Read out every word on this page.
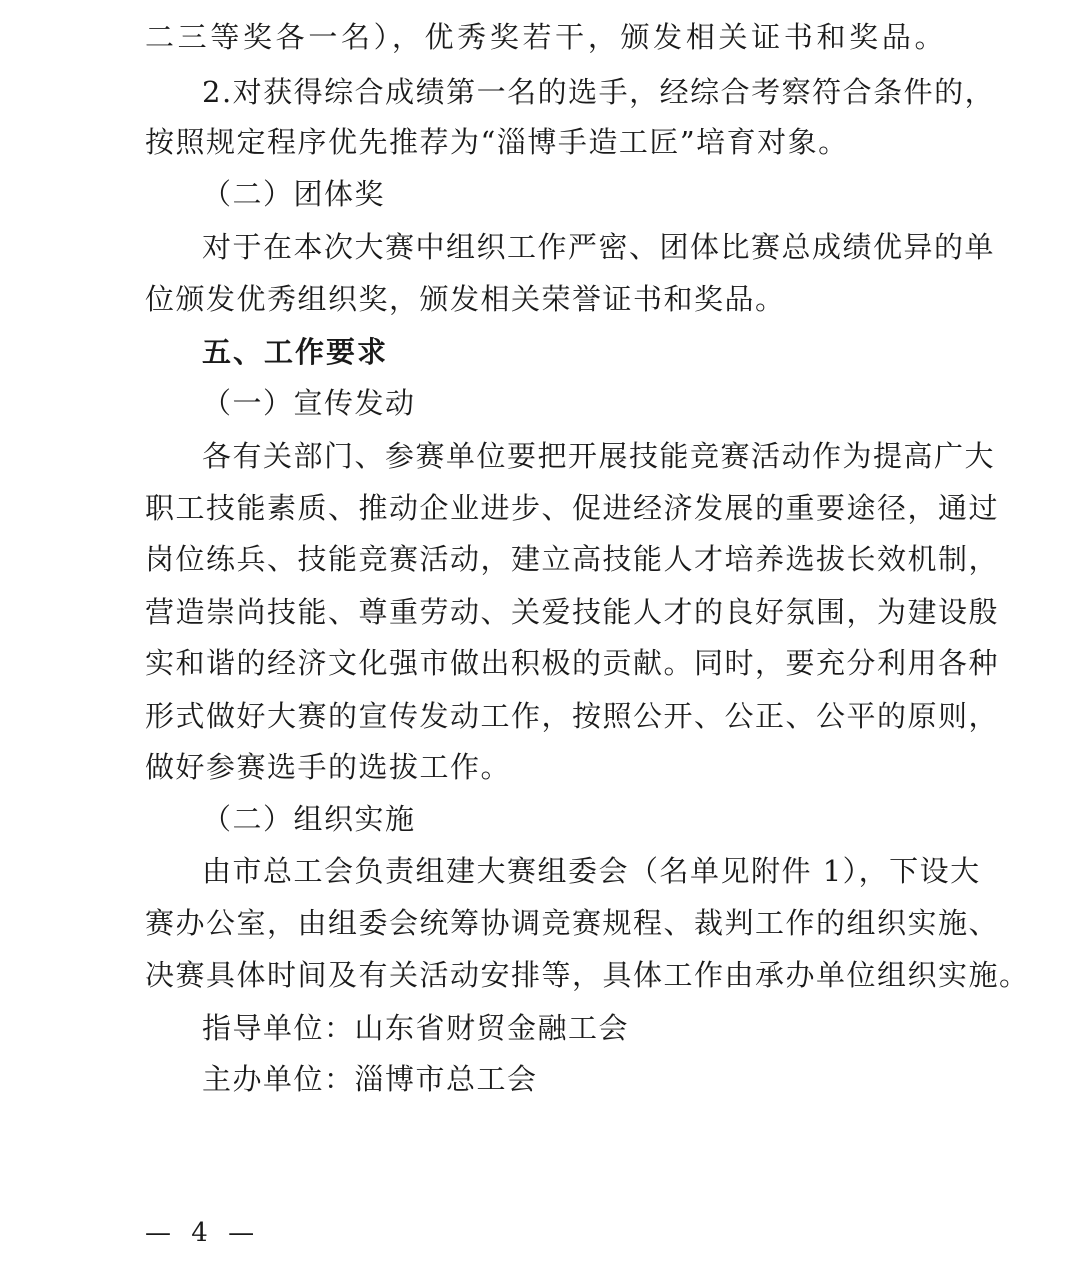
二三等奖各一名），优秀奖若干，颁发相关证书和奖品。
2.对获得综合成绩第一名的选手，经综合考察符合条件的，
按照规定程序优先推荐为“淄博手造工匠”培育对象。
（二）团体奖
对于在本次大赛中组织工作严密、团体比赛总成绩优异的单
位颁发优秀组织奖，颁发相关荣誉证书和奖品。
五、工作要求
（一）宣传发动
各有关部门、参赛单位要把开展技能竞赛活动作为提高广大
职工技能素质、推动企业进步、促进经济发展的重要途径，通过
岗位练兵、技能竞赛活动，建立高技能人才培养选拔长效机制，
营造崇尚技能、尊重劳动、关爱技能人才的良好氛围，为建设殷
实和谐的经济文化强市做出积极的贡献。同时，要充分利用各种
形式做好大赛的宣传发动工作，按照公开、公正、公平的原则，
做好参赛选手的选拔工作。
（二）组织实施
由市总工会负责组建大赛组委会（名单见附件 1），下设大
赛办公室，由组委会统筹协调竞赛规程、裁判工作的组织实施、
决赛具体时间及有关活动安排等，具体工作由承办单位组织实施。
指导单位：山东省财贸金融工会
主办单位：淄博市总工会
— 4 —
